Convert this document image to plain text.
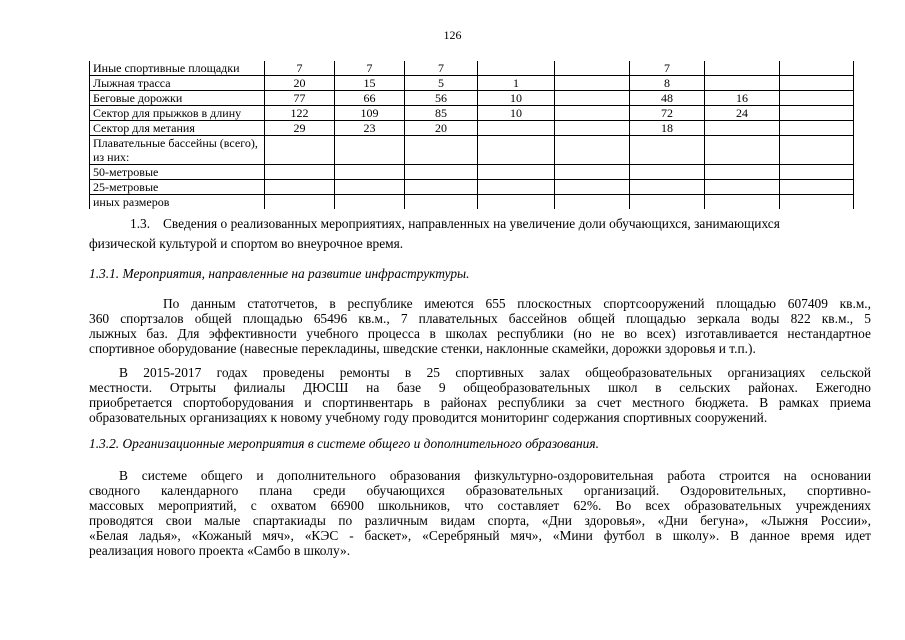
126
Иные спортивные площадки	7	7	7			7		
Лыжная трасса	20	15	5	1		8		
Беговые дорожки	77	66	56	10		48	16	
Сектор для прыжков в длину	122	109	85	10		72	24	
Сектор для метания	29	23	20			18		
Плавательные бассейны (всего), из них:								
50-метровые								
25-метровые								
иных размеров								
1.3. Сведения о реализованных мероприятиях, направленных на увеличение доли обучающихся, занимающихся
физической культурой и спортом во внеурочное время.
1.3.1. Мероприятия, направленные на развитие инфраструктуры.
По данным статотчетов, в республике имеются 655 плоскостных спортсооружений площадью 607409 кв.м.,
360 спортзалов общей площадью 65496 кв.м., 7 плавательных бассейнов общей площадью зеркала воды 822 кв.м., 5
лыжных баз. Для эффективности учебного процесса в школах республики (но не во всех) изготавливается нестандартное
спортивное оборудование (навесные перекладины, шведские стенки, наклонные скамейки, дорожки здоровья и т.п.).
В 2015-2017 годах проведены ремонты в 25 спортивных залах общеобразовательных организациях сельской
местности. Отрыты филиалы ДЮСШ на базе 9 общеобразовательных школ в сельских районах. Ежегодно
приобретается спортоборудования и спортинвентарь в районах республики за счет местного бюджета. В рамках приема
образовательных организациях к новому учебному году проводится мониторинг содержания спортивных сооружений.
1.3.2. Организационные мероприятия в системе общего и дополнительного образования.
В системе общего и дополнительного образования физкультурно-оздоровительная работа строится на основании
сводного календарного плана среди обучающихся образовательных организаций. Оздоровительных, спортивно-
массовых мероприятий, с охватом 66900 школьников, что составляет 62%. Во всех образовательных учреждениях
проводятся свои малые спартакиады по различным видам спорта, «Дни здоровья», «Дни бегуна», «Лыжня России»,
«Белая ладья», «Кожаный мяч», «КЭС - баскет», «Серебряный мяч», «Мини футбол в школу». В данное время идет
реализация нового проекта «Самбо в школу».
